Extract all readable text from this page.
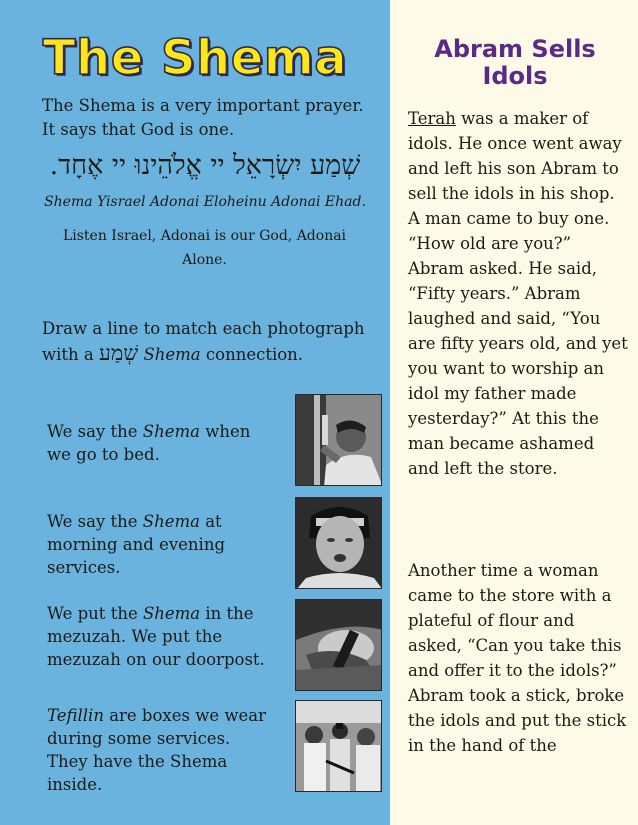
The Shema

The Shema is a very important prayer. It says that God is one.

שְׁמַע יִשְׂרָאֵל יי אֱלֹהֵינוּ יי אֶחָד.

Shema Yisrael Adonai Eloheinu Adonai Ehad.

Listen Israel, Adonai is our God, Adonai Alone.

Draw a line to match each photograph with a שְׁמַע Shema connection.

We say the Shema when we go to bed.

We say the Shema at morning and evening services.

We put the Shema in the mezuzah. We put the mezuzah on our doorpost.

Tefillin are boxes we wear during some services. They have the Shema inside.

Abram Sells Idols

Terah was a maker of idols. He once went away and left his son Abram to sell the idols in his shop. A man came to buy one. “How old are you?” Abram asked. He said, “Fifty years.” Abram laughed and said, “You are fifty years old, and yet you want to worship an idol my father made yesterday?” At this the man became ashamed and left the store.

Another time a woman came to the store with a plateful of flour and asked, “Can you take this and offer it to the idols?” Abram took a stick, broke the idols and put the stick in the hand of the
